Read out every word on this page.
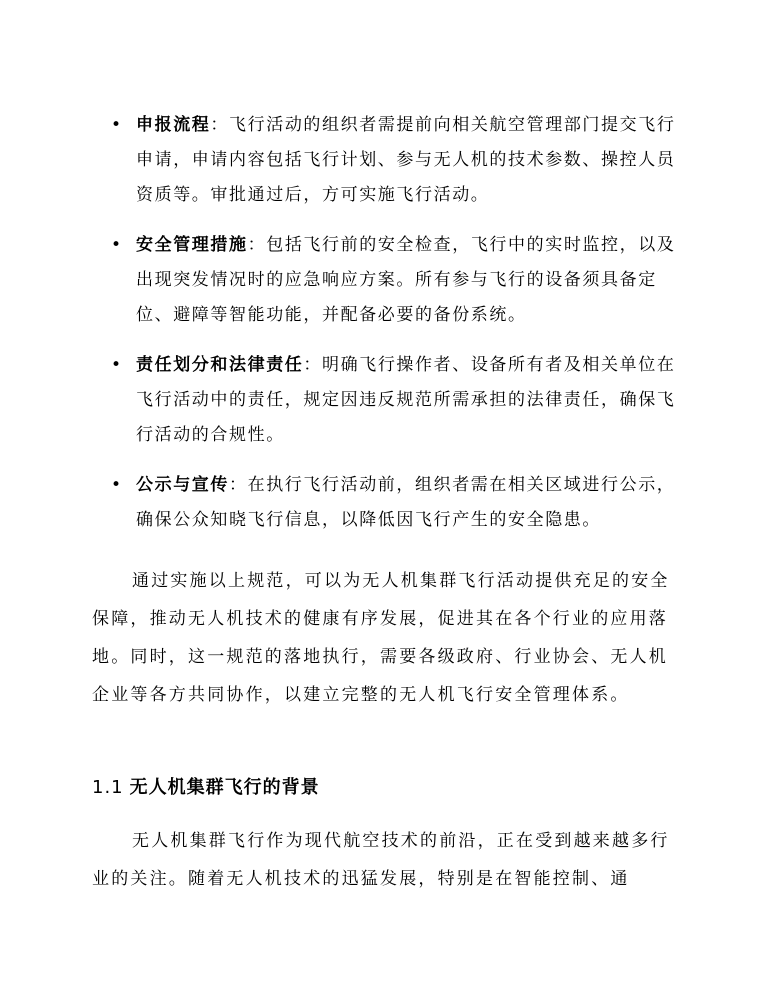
• 申报流程：飞行活动的组织者需提前向相关航空管理部门提交飞行申请，申请内容包括飞行计划、参与无人机的技术参数、操控人员资质等。审批通过后，方可实施飞行活动。
• 安全管理措施：包括飞行前的安全检查，飞行中的实时监控，以及出现突发情况时的应急响应方案。所有参与飞行的设备须具备定位、避障等智能功能，并配备必要的备份系统。
• 责任划分和法律责任：明确飞行操作者、设备所有者及相关单位在飞行活动中的责任，规定因违反规范所需承担的法律责任，确保飞行活动的合规性。
• 公示与宣传：在执行飞行活动前，组织者需在相关区域进行公示，确保公众知晓飞行信息，以降低因飞行产生的安全隐患。

通过实施以上规范，可以为无人机集群飞行活动提供充足的安全保障，推动无人机技术的健康有序发展，促进其在各个行业的应用落地。同时，这一规范的落地执行，需要各级政府、行业协会、无人机企业等各方共同协作，以建立完整的无人机飞行安全管理体系。

1.1 无人机集群飞行的背景

无人机集群飞行作为现代航空技术的前沿，正在受到越来越多行业的关注。随着无人机技术的迅猛发展，特别是在智能控制、通
